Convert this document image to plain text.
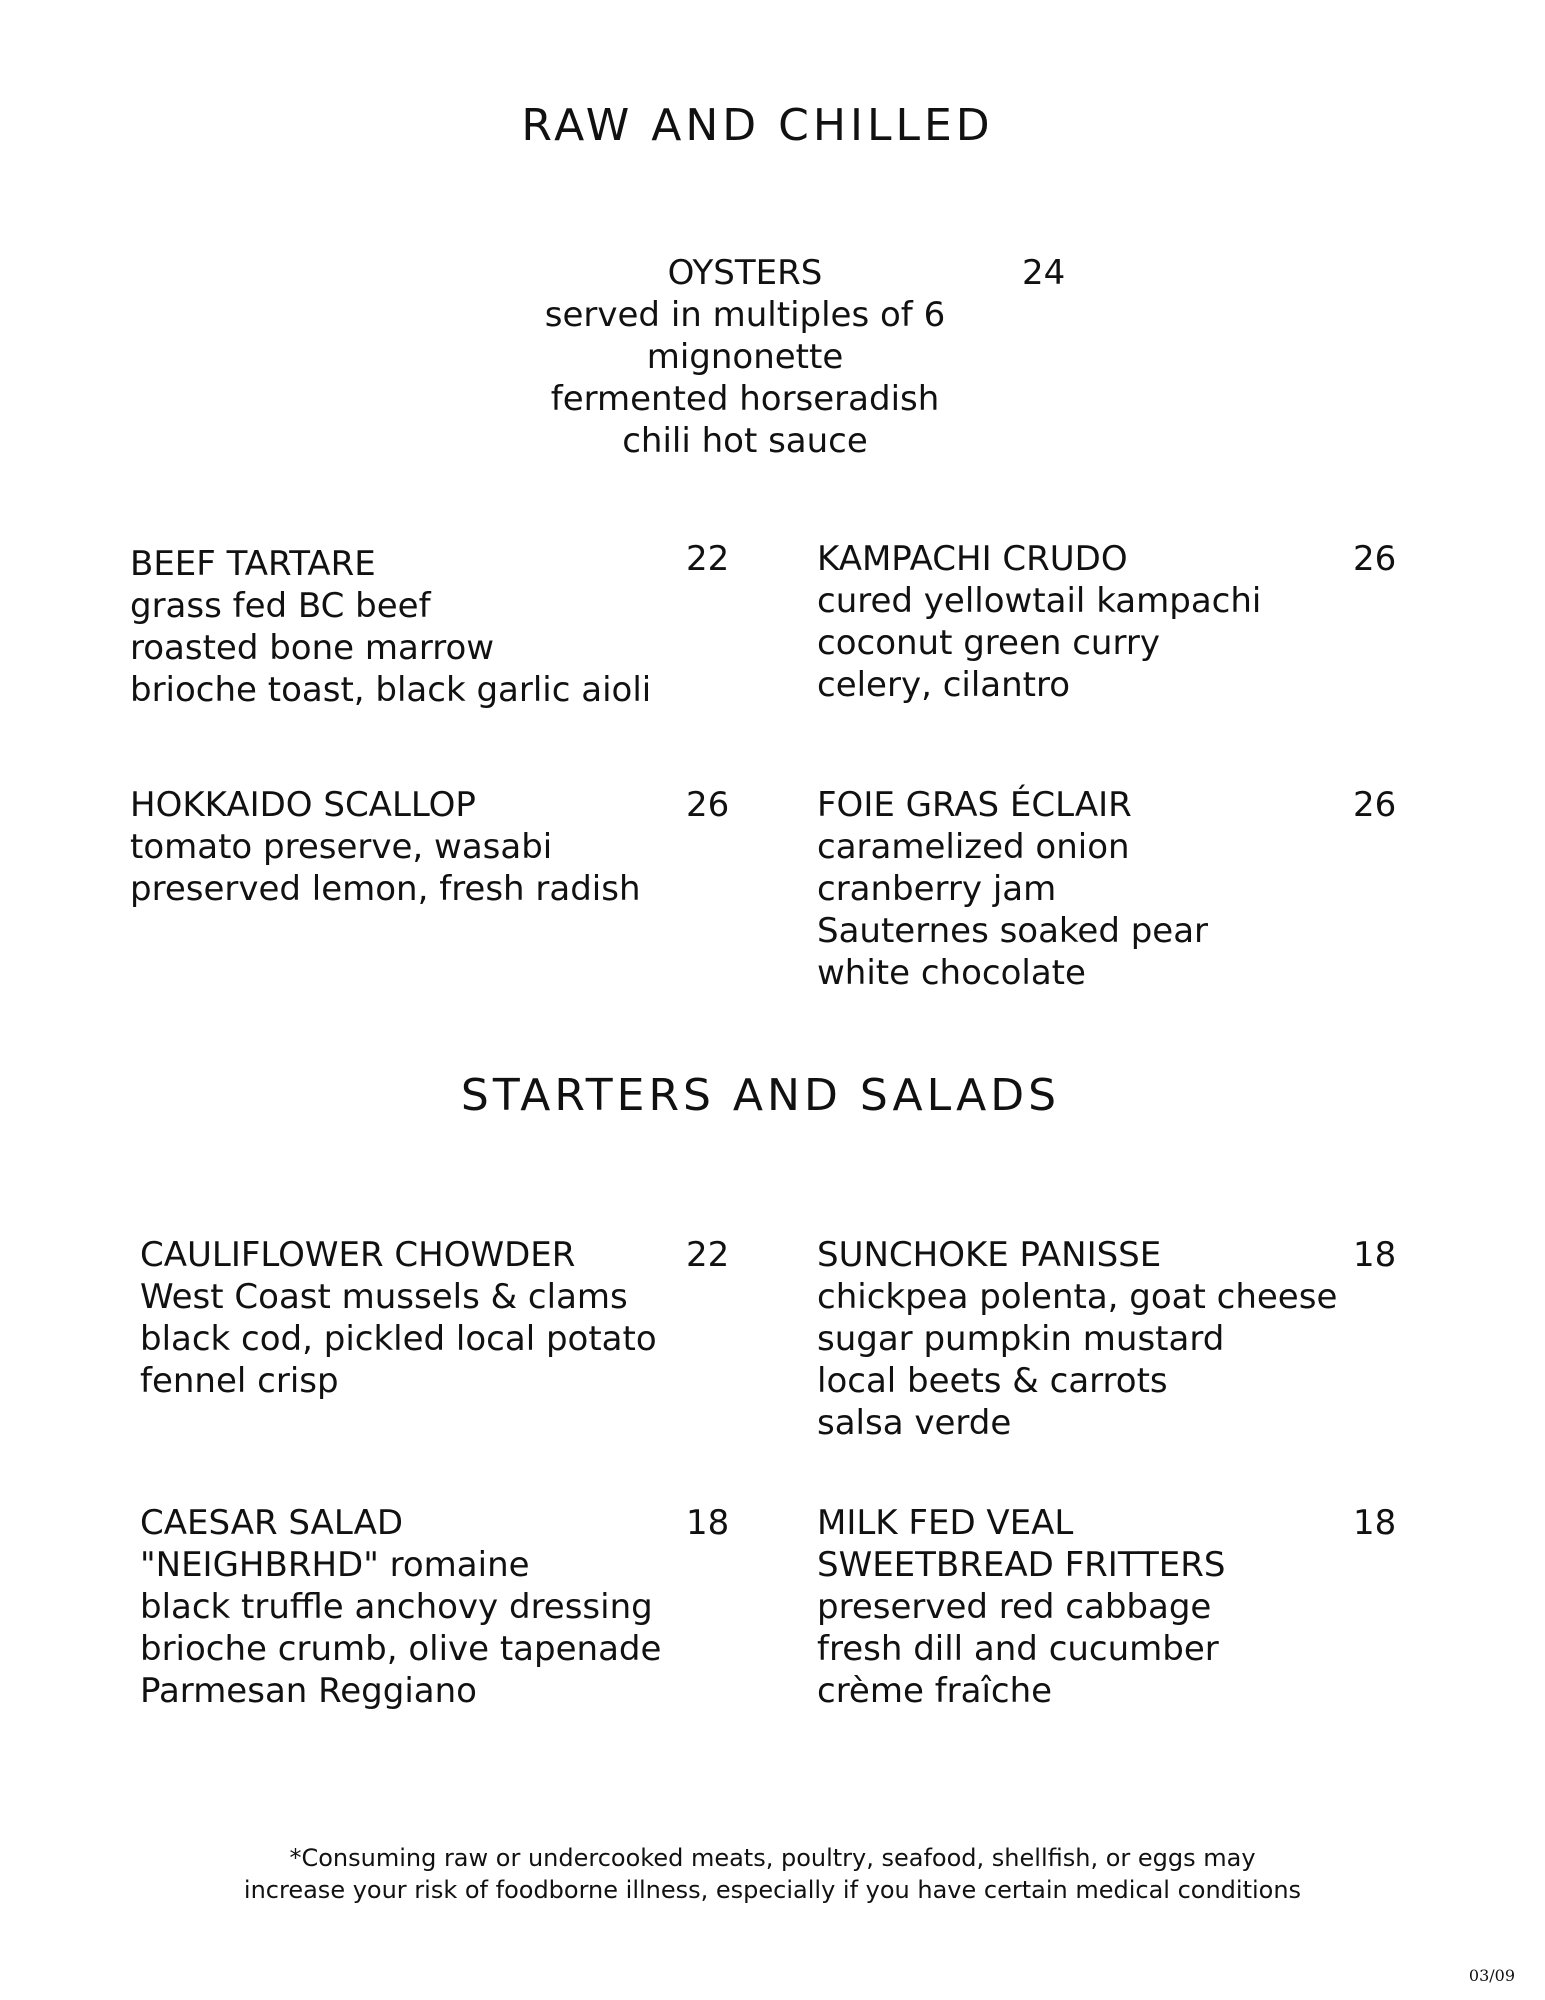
RAW AND CHILLED
OYSTERS
served in multiples of 6
mignonette
fermented horseradish
chili hot sauce
24
BEEF TARTARE
grass fed BC beef
roasted bone marrow
brioche toast, black garlic aioli
22	KAMPACHI CRUDO
cured yellowtail kampachi
coconut green curry
celery, cilantro
26
HOKKAIDO SCALLOP
tomato preserve, wasabi
preserved lemon, fresh radish
26	FOIE GRAS ÉCLAIR
caramelized onion
cranberry jam
Sauternes soaked pear
white chocolate
26
STARTERS AND SALADS
CAULIFLOWER CHOWDER
West Coast mussels & clams
black cod, pickled local potato
fennel crisp
22	SUNCHOKE PANISSE
chickpea polenta, goat cheese
sugar pumpkin mustard
local beets & carrots
salsa verde
18
CAESAR SALAD
"NEIGHBRHD" romaine
black truffle anchovy dressing
brioche crumb, olive tapenade
Parmesan Reggiano
18	MILK FED VEAL
SWEETBREAD FRITTERS
preserved red cabbage
fresh dill and cucumber
crème fraîche
18
*Consuming raw or undercooked meats, poultry, seafood, shellfish, or eggs may
increase your risk of foodborne illness, especially if you have certain medical conditions
03/09
